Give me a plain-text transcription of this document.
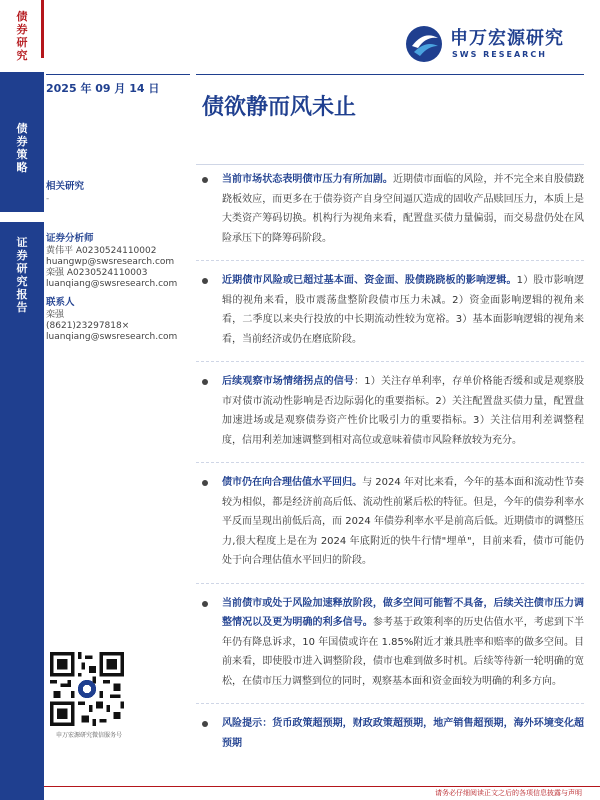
债券研究
债券策略
证券研究报告
申万宏源研究
SWS RESEARCH
2025 年 09 月 14 日
债欲静而风未止
相关研究
-
证券分析师
黄伟平 A0230524110002
huangwp@swsresearch.com
栾强 A0230524110003
luanqiang@swsresearch.com
联系人
栾强
(8621)23297818×
luanqiang@swsresearch.com
申万宏源研究微信服务号

当前市场状态表明债市压力有所加剧。近期债市面临的风险，并不完全来自股债跷跷板效应，而更多在于债券资产自身空间逼仄造成的固收产品赎回压力，本质上是大类资产筹码切换。机构行为视角来看，配置盘买债力量偏弱，而交易盘仍处在风险承压下的降筹码阶段。

近期债市风险或已超过基本面、资金面、股债跷跷板的影响逻辑。1）股市影响逻辑的视角来看，股市震荡盘整阶段债市压力未减。2）资金面影响逻辑的视角来看，二季度以来央行投放的中长期流动性较为宽裕。3）基本面影响逻辑的视角来看，当前经济或仍在磨底阶段。

后续观察市场情绪拐点的信号：1）关注存单利率，存单价格能否缓和或是观察股市对债市流动性影响是否边际弱化的重要指标。2）关注配置盘买债力量，配置盘加速进场或是观察债券资产性价比吸引力的重要指标。3）关注信用利差调整程度，信用利差加速调整到相对高位或意味着债市风险释放较为充分。

债市仍在向合理估值水平回归。与 2024 年对比来看，今年的基本面和流动性节奏较为相似，都是经济前高后低、流动性前紧后松的特征。但是，今年的债券利率水平反而呈现出前低后高，而 2024 年债券利率水平是前高后低。近期债市的调整压力,很大程度上是在为 2024 年底附近的快牛行情"埋单"，目前来看，债市可能仍处于向合理估值水平回归的阶段。

当前债市或处于风险加速释放阶段，做多空间可能暂不具备，后续关注债市压力调整情况以及更为明确的利多信号。参考基于政策利率的历史估值水平，考虑到下半年仍有降息诉求，10 年国债或许在 1.85%附近才兼具胜率和赔率的做多空间。目前来看，即使股市进入调整阶段，债市也难到做多时机。后续等待新一轮明确的宽松，在债市压力调整到位的同时，观察基本面和资金面较为明确的利多方向。

风险提示：货币政策超预期，财政政策超预期，地产销售超预期，海外环境变化超预期

请务必仔细阅读正文之后的各项信息披露与声明
